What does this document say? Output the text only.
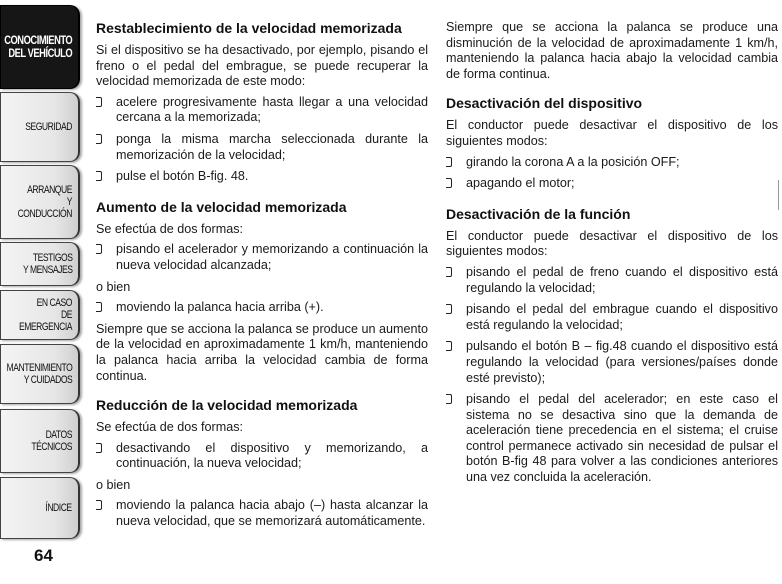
CONOCIMIENTO
DEL VEHÍCULO
SEGURIDAD
ARRANQUE
Y CONDUCCIÓN
TESTIGOS
Y MENSAJES
EN CASO
DE EMERGENCIA
MANTENIMIENTO
Y CUIDADOS
DATOS TÉCNICOS
ÍNDICE
64
Restablecimiento de la velocidad memorizada
Si el dispositivo se ha desactivado, por ejemplo, pisando el freno o el pedal del embrague, se puede recuperar la velocidad memorizada de este modo:
acelere progresivamente hasta llegar a una velocidad cercana a la memorizada;
ponga la misma marcha seleccionada durante la memorización de la velocidad;
pulse el botón B-fig. 48.
Aumento de la velocidad memorizada
Se efectúa de dos formas:
pisando el acelerador y memorizando a continuación la nueva velocidad alcanzada;
o bien
moviendo la palanca hacia arriba (+).
Siempre que se acciona la palanca se produce un aumento de la velocidad en aproximadamente 1 km/h, manteniendo la palanca hacia arriba la velocidad cambia de forma continua.
Reducción de la velocidad memorizada
Se efectúa de dos formas:
desactivando el dispositivo y memorizando, a continuación, la nueva velocidad;
o bien
moviendo la palanca hacia abajo (–) hasta alcanzar la nueva velocidad, que se memorizará automáticamente.
Siempre que se acciona la palanca se produce una disminución de la velocidad de aproximadamente 1 km/h, manteniendo la palanca hacia abajo la velocidad cambia de forma continua.
Desactivación del dispositivo
El conductor puede desactivar el dispositivo de los siguientes modos:
girando la corona A a la posición OFF;
apagando el motor;
Desactivación de la función
El conductor puede desactivar el dispositivo de los siguientes modos:
pisando el pedal de freno cuando el dispositivo está regulando la velocidad;
pisando el pedal del embrague cuando el dispositivo está regulando la velocidad;
pulsando el botón B – fig.48 cuando el dispositivo está regulando la velocidad (para versiones/países donde esté previsto);
pisando el pedal del acelerador; en este caso el sistema no se desactiva sino que la demanda de aceleración tiene precedencia en el sistema; el cruise control permanece activado sin necesidad de pulsar el botón B-fig 48 para volver a las condiciones anteriores una vez concluida la aceleración.
